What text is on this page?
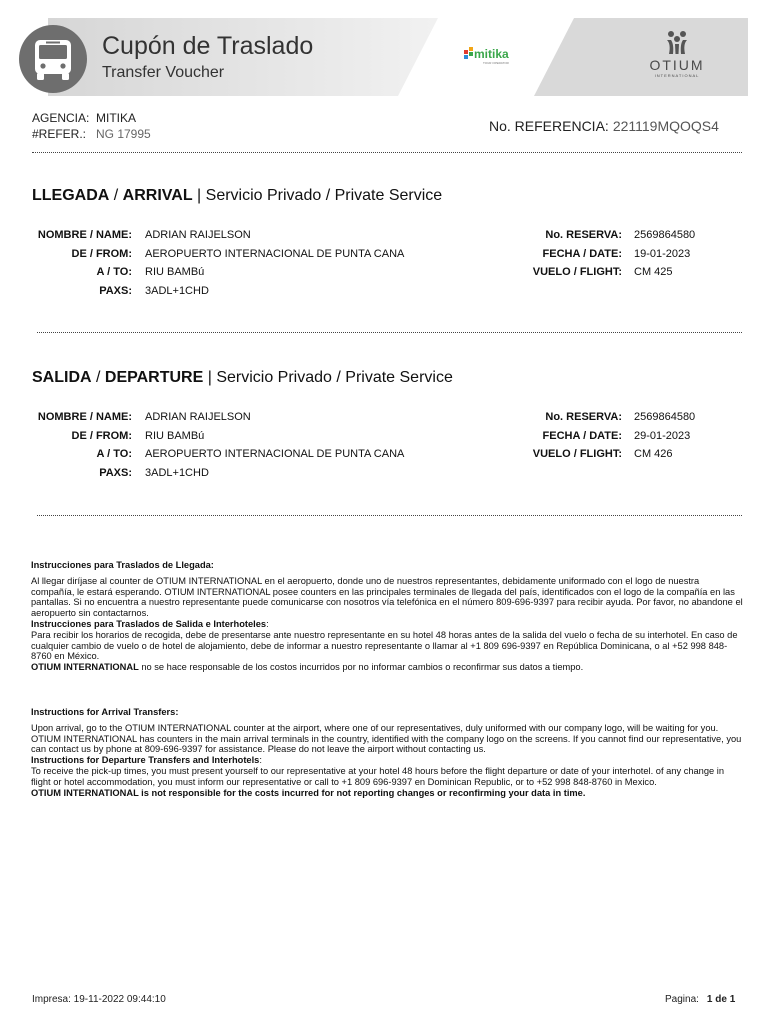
Cupón de Traslado
Transfer Voucher
mitika
TOUR OPERATOR	OTIUM
INTERNATIONAL
AGENCIA: MITIKA
#REFER.: NG 17995	No. REFERENCIA: 221119MQOQS4
LLEGADA / ARRIVAL | Servicio Privado / Private Service
NOMBRE / NAME: ADRIAN RAIJELSON
DE / FROM: AEROPUERTO INTERNACIONAL DE PUNTA CANA
A / TO: RIU BAMBú
PAXS: 3ADL+1CHD
No. RESERVA: 2569864580
FECHA / DATE: 19-01-2023
VUELO / FLIGHT: CM 425
SALIDA / DEPARTURE | Servicio Privado / Private Service
NOMBRE / NAME: ADRIAN RAIJELSON
DE / FROM: RIU BAMBú
A / TO: AEROPUERTO INTERNACIONAL DE PUNTA CANA
PAXS: 3ADL+1CHD
No. RESERVA: 2569864580
FECHA / DATE: 29-01-2023
VUELO / FLIGHT: CM 426

Instrucciones para Traslados de Llegada:

Al llegar diríjase al counter de OTIUM INTERNATIONAL en el aeropuerto, donde uno de nuestros representantes, debidamente uniformado con el logo de nuestra compañía, le estará esperando. OTIUM INTERNATIONAL posee counters en las principales terminales de llegada del país, identificados con el logo de la compañía en las pantallas. Si no encuentra a nuestro representante puede comunicarse con nosotros vía telefónica en el número 809-696-9397 para recibir ayuda. Por favor, no abandone el aeropuerto sin contactarnos.

Instrucciones para Traslados de Salida e Interhoteles:

Para recibir los horarios de recogida, debe de presentarse ante nuestro representante en su hotel 48 horas antes de la salida del vuelo o fecha de su interhotel. En caso de cualquier cambio de vuelo o de hotel de alojamiento, debe de informar a nuestro representante o llamar al +1 809 696-9397 en República Dominicana, o al +52 998 848-8760 en México.

OTIUM INTERNATIONAL no se hace responsable de los costos incurridos por no informar cambios o reconfirmar sus datos a tiempo.

Instructions for Arrival Transfers:

Upon arrival, go to the OTIUM INTERNATIONAL counter at the airport, where one of our representatives, duly uniformed with our company logo, will be waiting for you. OTIUM INTERNATIONAL has counters in the main arrival terminals in the country, identified with the company logo on the screens. If you cannot find our representative, you can contact us by phone at 809-696-9397 for assistance. Please do not leave the airport without contacting us.

Instructions for Departure Transfers and Interhotels:

To receive the pick-up times, you must present yourself to our representative at your hotel 48 hours before the flight departure or date of your interhotel. of any change in flight or hotel accommodation, you must inform our representative or call to +1 809 696-9397 en Dominican Republic, or to +52 998 848-8760 in Mexico.

OTIUM INTERNATIONAL is not responsible for the costs incurred for not reporting changes or reconfirming your data in time.

Impresa: 19-11-2022 09:44:10	Pagina: 1 de 1
